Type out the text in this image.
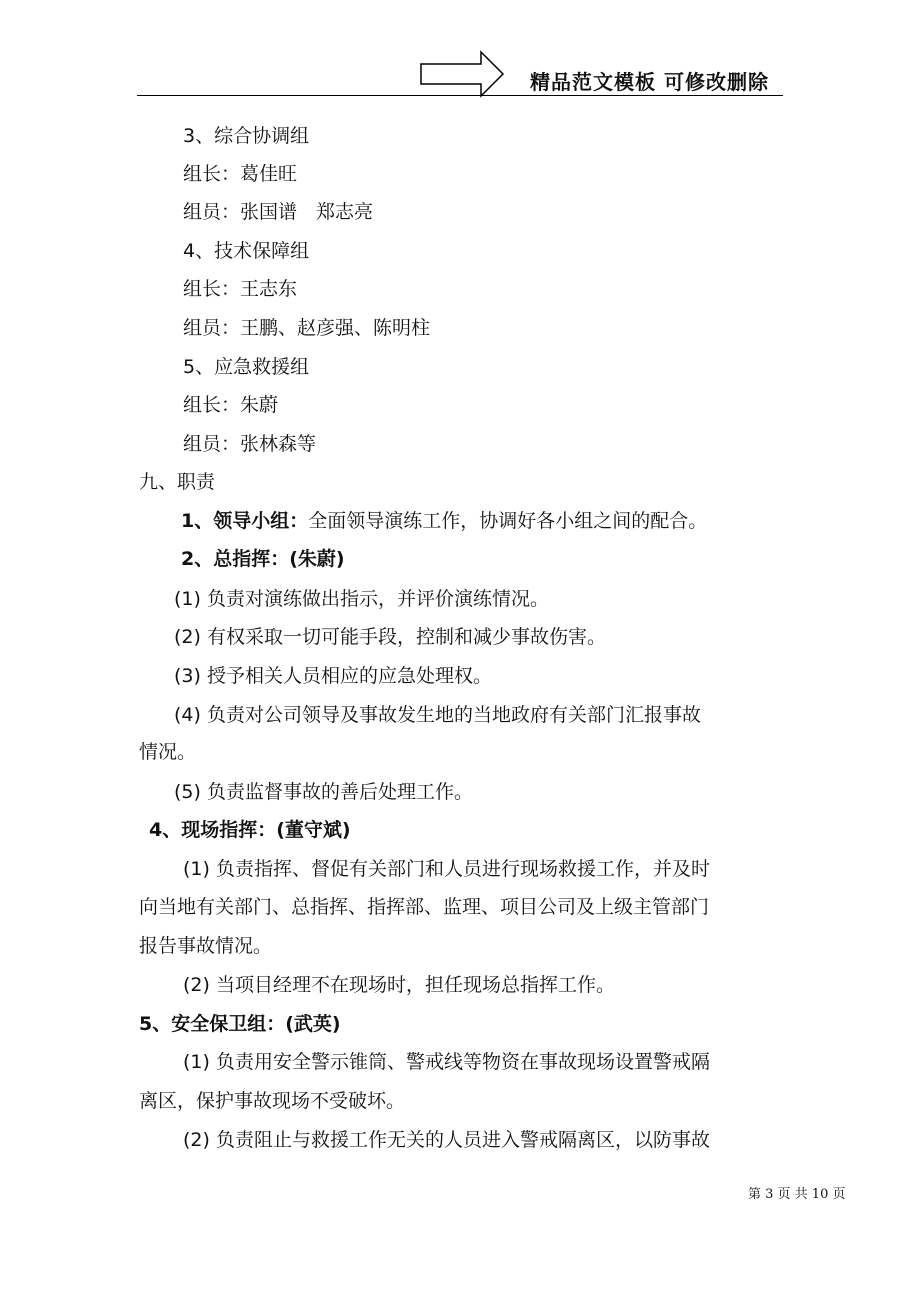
精品范文模板 可修改删除
3、综合协调组
组长：葛佳旺
组员：张国谱　郑志亮
4、技术保障组
组长：王志东
组员：王鹏、赵彦强、陈明柱
5、应急救援组
组长：朱蔚
组员：张林森等
九、职责
1、领导小组：全面领导演练工作，协调好各小组之间的配合。
2、总指挥：(朱蔚)
(1) 负责对演练做出指示，并评价演练情况。
(2) 有权采取一切可能手段，控制和减少事故伤害。
(3) 授予相关人员相应的应急处理权。
(4) 负责对公司领导及事故发生地的当地政府有关部门汇报事故
情况。
(5) 负责监督事故的善后处理工作。
4、现场指挥：(董守斌)
(1) 负责指挥、督促有关部门和人员进行现场救援工作，并及时
向当地有关部门、总指挥、指挥部、监理、项目公司及上级主管部门
报告事故情况。
(2) 当项目经理不在现场时，担任现场总指挥工作。
5、安全保卫组：(武英)
(1) 负责用安全警示锥筒、警戒线等物资在事故现场设置警戒隔
离区，保护事故现场不受破坏。
(2) 负责阻止与救援工作无关的人员进入警戒隔离区，以防事故
第 3 页 共 10 页
